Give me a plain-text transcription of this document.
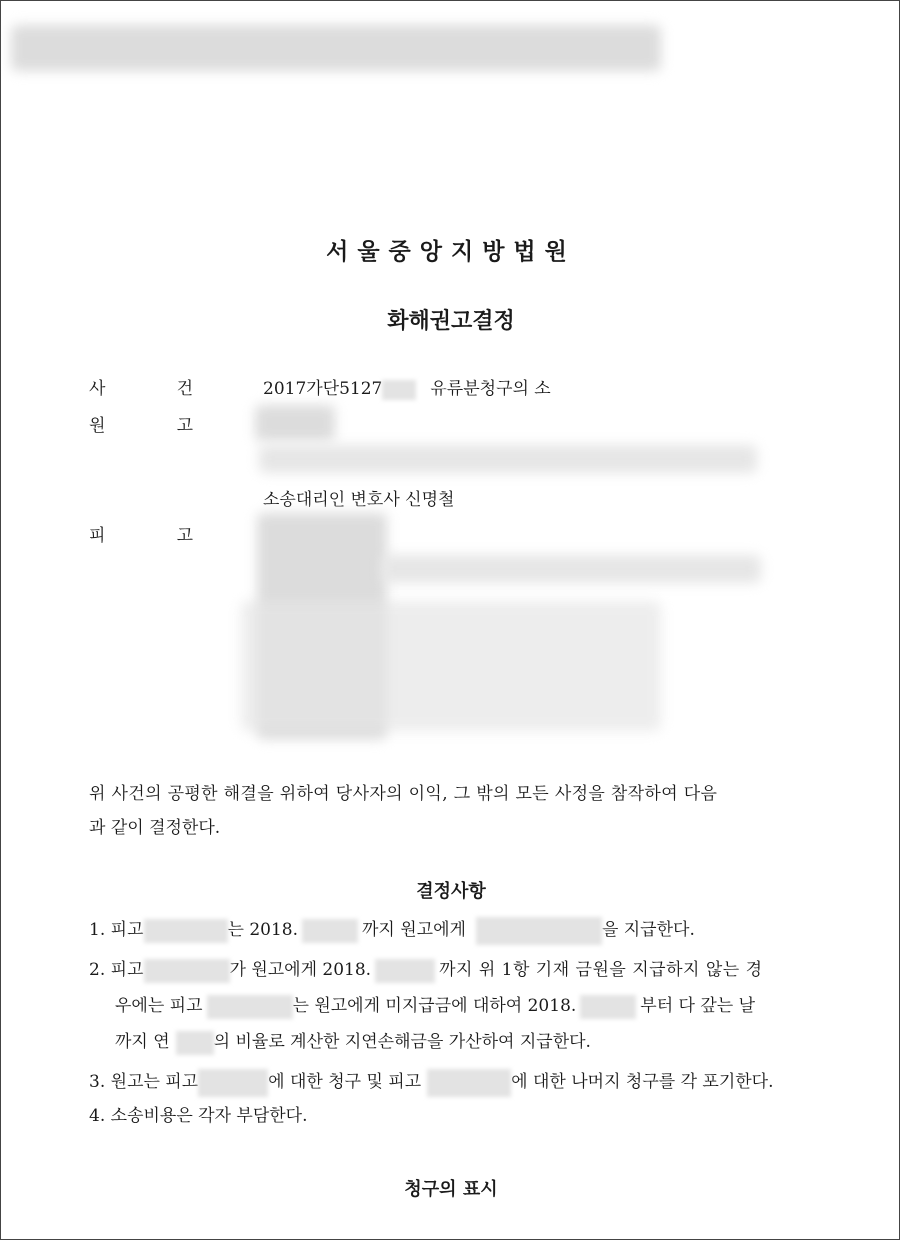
서울중앙지방법원
화해권고결정
사	건	2017가단5127	유류분청구의 소
원	고
소송대리인 변호사 신명철
피	고
위 사건의 공평한 해결을 위하여 당사자의 이익, 그 밖의 모든 사정을 참작하여 다음
과 같이 결정한다.
결정사항
1. 피고	는 2018.	까지 원고에게	을 지급한다.
2. 피고	가 원고에게 2018.	까지 위 1항 기재 금원을 지급하지 않는 경
우에는 피고	는 원고에게 미지급금에 대하여 2018.	부터 다 갚는 날
까지 연	의 비율로 계산한 지연손해금을 가산하여 지급한다.
3. 원고는 피고	에 대한 청구 및 피고	에 대한 나머지 청구를 각 포기한다.
4. 소송비용은 각자 부담한다.
청구의 표시
